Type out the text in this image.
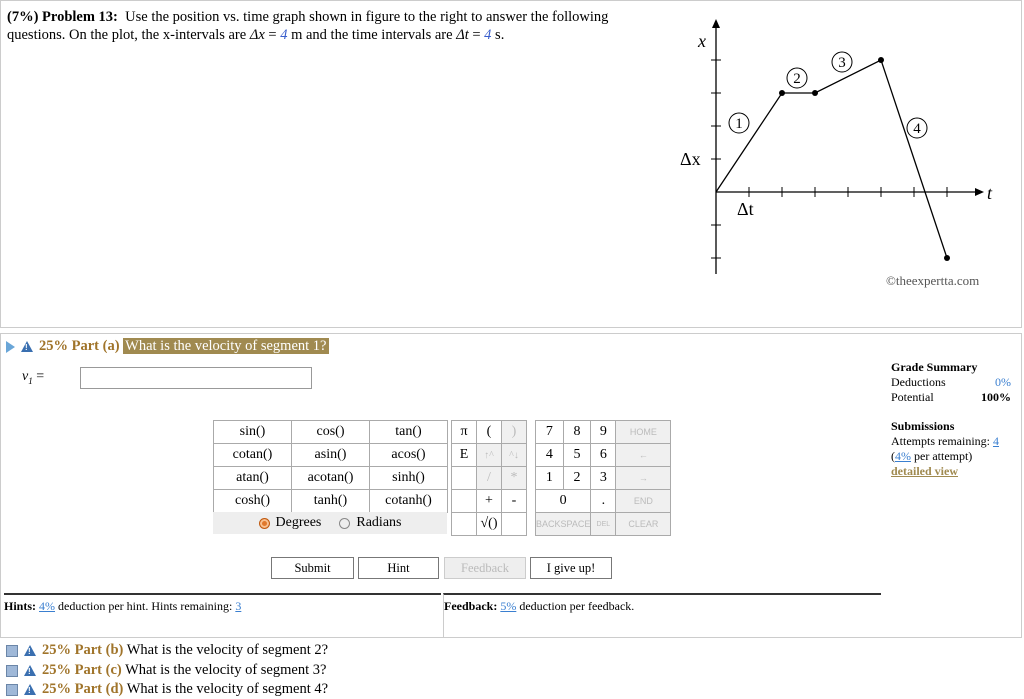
(7%) Problem 13: Use the position vs. time graph shown in figure to the right to answer the following questions. On the plot, the x-intervals are Δx = 4 m and the time intervals are Δt = 4 s.
1
2
3
4
x
t
Δx
Δt
©theexpertta.com
!25% Part (a) What is the velocity of segment 1?
$v_1$ =
sin()	cos()	tan()
cotan()	asin()	acos()
atan()	acotan()	sinh()
cosh()	tanh()	cotanh()
Degrees	Radians
π	(	)
E	↑^	^↓
	/	*
	+	-
	√()	
7	8	9	HOME
4	5	6	←
1	2	3	→
0		.	END
BACKSPACE		DEL	CLEAR
Submit	Hint	Feedback	I give up!
Grade Summary
Deductions	0%
Potential	100%
Submissions
Attempts remaining: 4
(4% per attempt)
detailed view
Hints: 4% deduction per hint. Hints remaining: 3	Feedback: 5% deduction per feedback.
!25% Part (b) What is the velocity of segment 2?
!25% Part (c) What is the velocity of segment 3?
!25% Part (d) What is the velocity of segment 4?
